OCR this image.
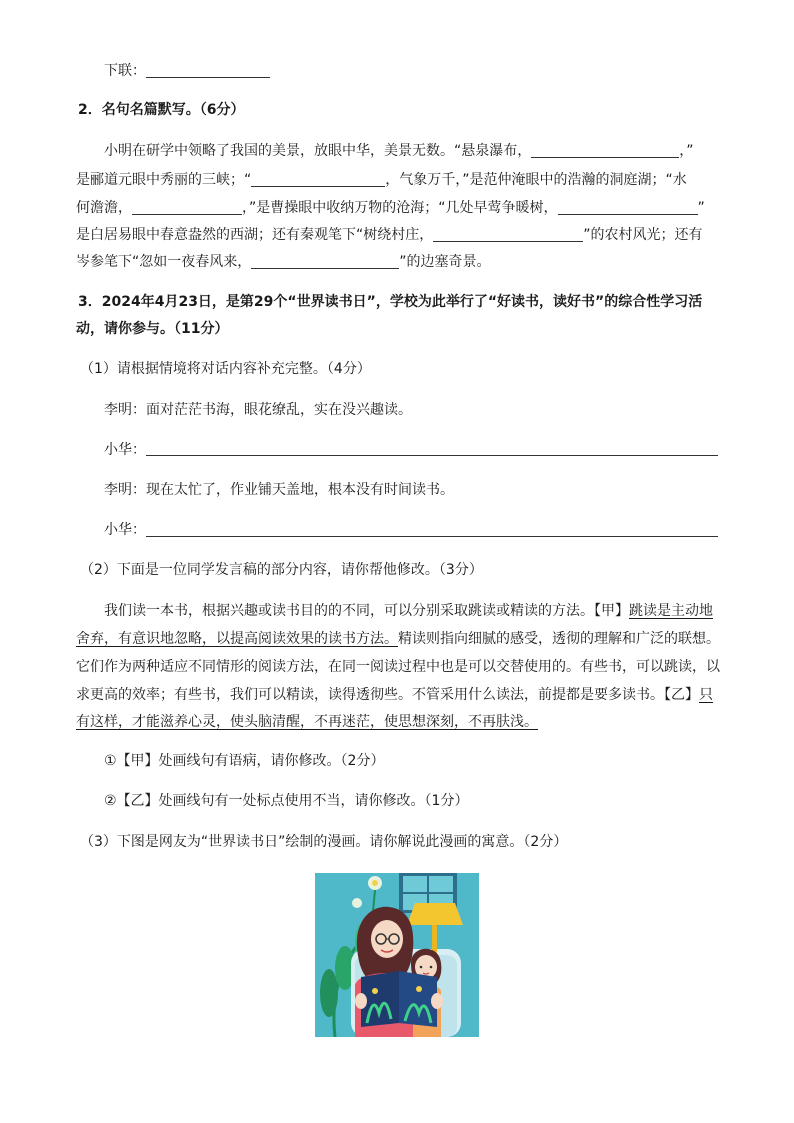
下联：
2．名句名篇默写。（6分）
小明在研学中领略了我国的美景，放眼中华，美景无数。“悬泉瀑布，	，”
是郦道元眼中秀丽的三峡；“	，气象万千，”是范仲淹眼中的浩瀚的洞庭湖；“水
何澹澹，	，”是曹操眼中收纳万物的沧海；“几处早莺争暖树，	”
是白居易眼中春意盎然的西湖；还有秦观笔下“树绕村庄，	”的农村风光；还有
岑参笔下“忽如一夜春风来，	”的边塞奇景。
3．2024年4月23日，是第29个“世界读书日”，学校为此举行了“好读书，读好书”的综合性学习活
动，请你参与。（11分）
（1）请根据情境将对话内容补充完整。（4分）
李明：面对茫茫书海，眼花缭乱，实在没兴趣读。
小华：
李明：现在太忙了，作业铺天盖地，根本没有时间读书。
小华：
（2）下面是一位同学发言稿的部分内容，请你帮他修改。（3分）
我们读一本书，根据兴趣或读书目的的不同，可以分别采取跳读或精读的方法。【甲】跳读是主动地
舍弃，有意识地忽略，以提高阅读效果的读书方法。精读则指向细腻的感受，透彻的理解和广泛的联想。
它们作为两种适应不同情形的阅读方法，在同一阅读过程中也是可以交替使用的。有些书，可以跳读，以
求更高的效率；有些书，我们可以精读，读得透彻些。不管采用什么读法，前提都是要多读书。【乙】只
有这样，才能滋养心灵，使头脑清醒，不再迷茫，使思想深刻，不再肤浅。
①【甲】处画线句有语病，请你修改。（2分）
②【乙】处画线句有一处标点使用不当，请你修改。（1分）
（3）下图是网友为“世界读书日”绘制的漫画。请你解说此漫画的寓意。（2分）
